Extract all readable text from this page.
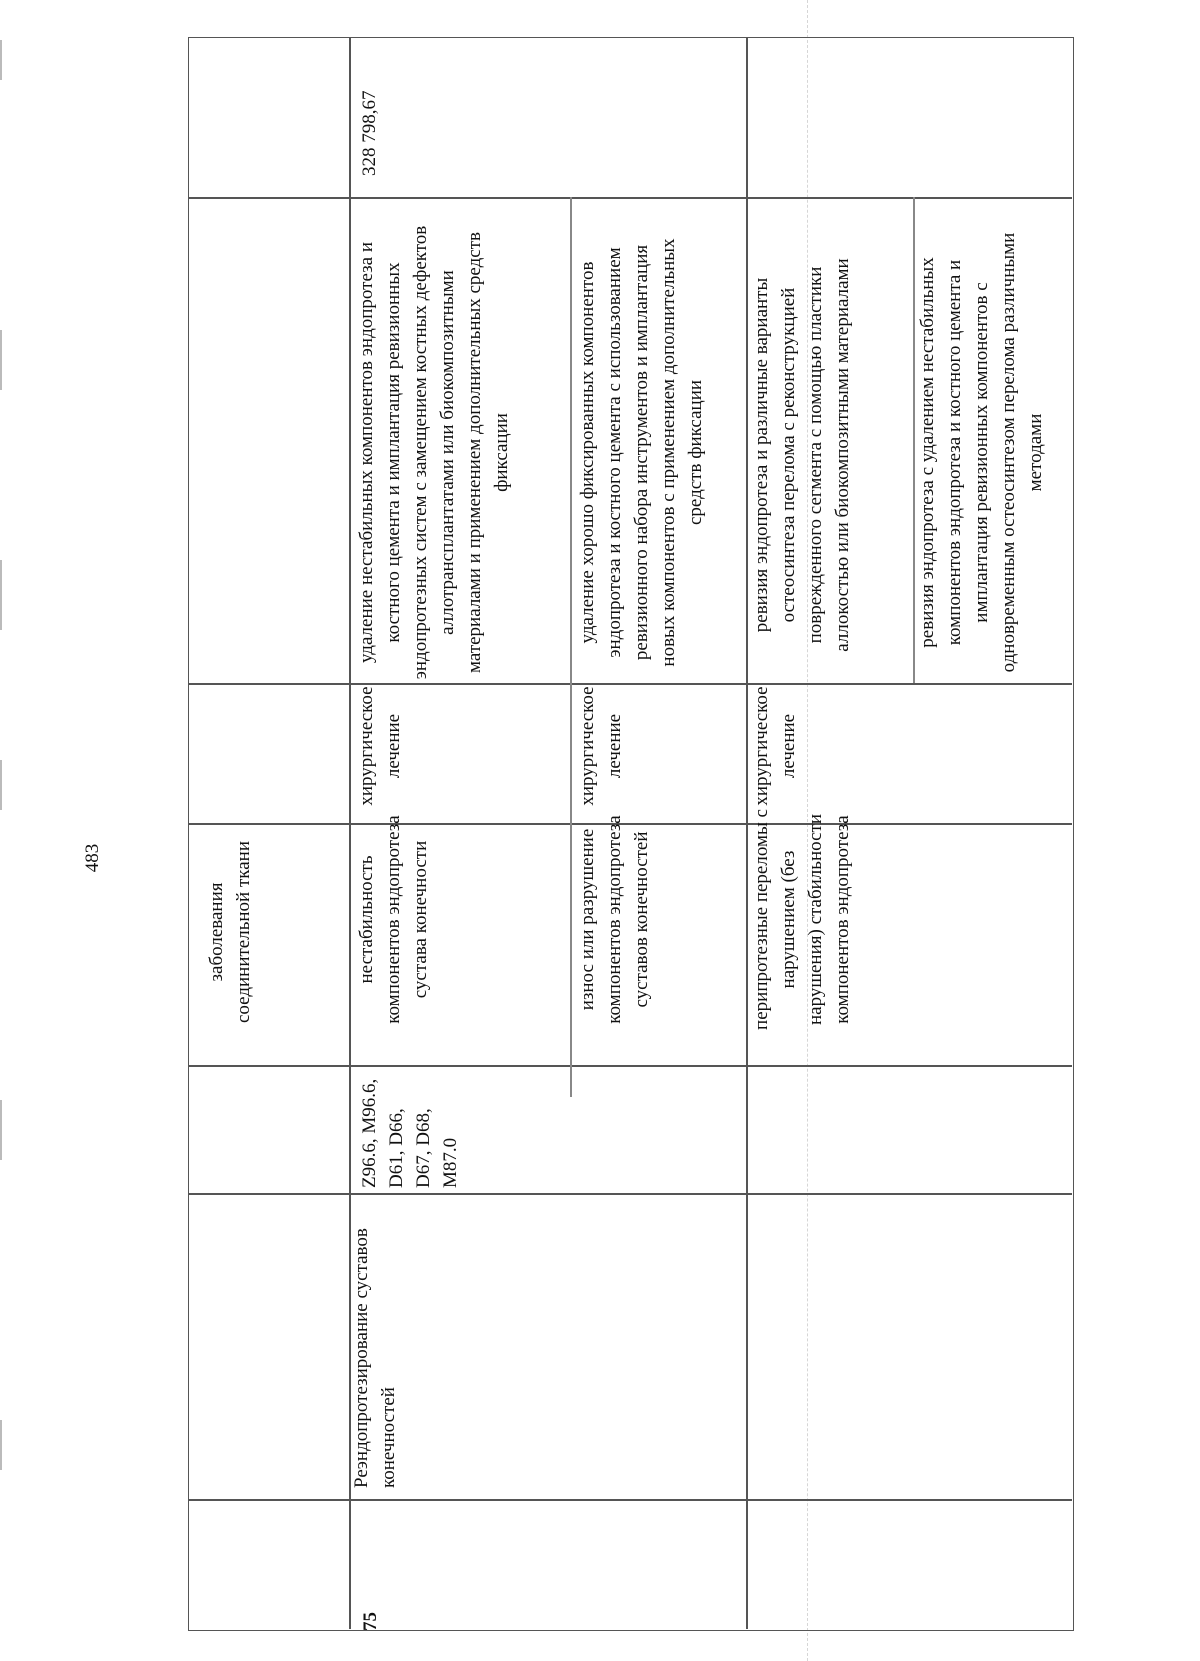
483
заболевания соединительной ткани
75
Реэндопротезирование суставов конечностей
Z96.6, M96.6, D61, D66, D67, D68, M87.0
нестабильность компонентов эндопротеза сустава конечности
хирургическое лечение
удаление нестабильных компонентов эндопротеза и костного цемента и имплантация ревизионных эндопротезных систем с замещением костных дефектов аллотрансплантатами или биокомпозитными материалами и применением дополнительных средств фиксации
износ или разрушение компонентов эндопротеза суставов конечностей
хирургическое лечение
удаление хорошо фиксированных компонентов эндопротеза и костного цемента с использованием ревизионного набора инструментов и имплантация новых компонентов с применением дополнительных средств фиксации
перипротезные переломы с нарушением (без нарушения) стабильности компонентов эндопротеза
хирургическое лечение
ревизия эндопротеза и различные варианты остеосинтеза перелома с реконструкцией поврежденного сегмента с помощью пластики аллокостью или биокомпозитными материалами	ревизия эндопротеза с удалением нестабильных компонентов эндопротеза и костного цемента и имплантация ревизионных компонентов с одновременным остеосинтезом перелома различными методами
328 798,67
